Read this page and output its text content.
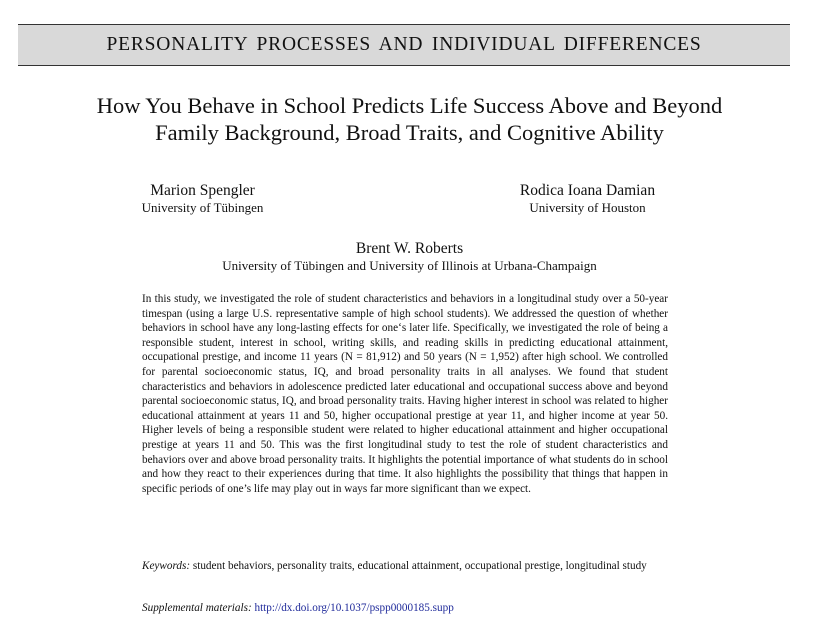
PERSONALITY PROCESSES AND INDIVIDUAL DIFFERENCES
How You Behave in School Predicts Life Success Above and Beyond
Family Background, Broad Traits, and Cognitive Ability
Marion Spengler
University of Tübingen
Rodica Ioana Damian
University of Houston
Brent W. Roberts
University of Tübingen and University of Illinois at Urbana-Champaign

In this study, we investigated the role of student characteristics and behaviors in a longitudinal study over a 50-year timespan (using a large U.S. representative sample of high school students). We addressed the question of whether behaviors in school have any long-lasting effects for one‘s later life. Specifically, we investigated the role of being a responsible student, interest in school, writing skills, and reading skills in predicting educational attainment, occupational prestige, and income 11 years (N = 81,912) and 50 years (N = 1,952) after high school. We controlled for parental socioeconomic status, IQ, and broad personality traits in all analyses. We found that student characteristics and behaviors in adolescence predicted later educational and occupational success above and beyond parental socioeconomic status, IQ, and broad personality traits. Having higher interest in school was related to higher educational attainment at years 11 and 50, higher occupational prestige at year 11, and higher income at year 50. Higher levels of being a responsible student were related to higher educational attainment and higher occupational prestige at years 11 and 50. This was the first longitudinal study to test the role of student characteristics and behaviors over and above broad personality traits. It highlights the potential importance of what students do in school and how they react to their experiences during that time. It also highlights the possibility that things that happen in specific periods of one’s life may play out in ways far more significant than we expect.

Keywords: student behaviors, personality traits, educational attainment, occupational prestige, longitudinal study

Supplemental materials: http://dx.doi.org/10.1037/pspp0000185.supp
